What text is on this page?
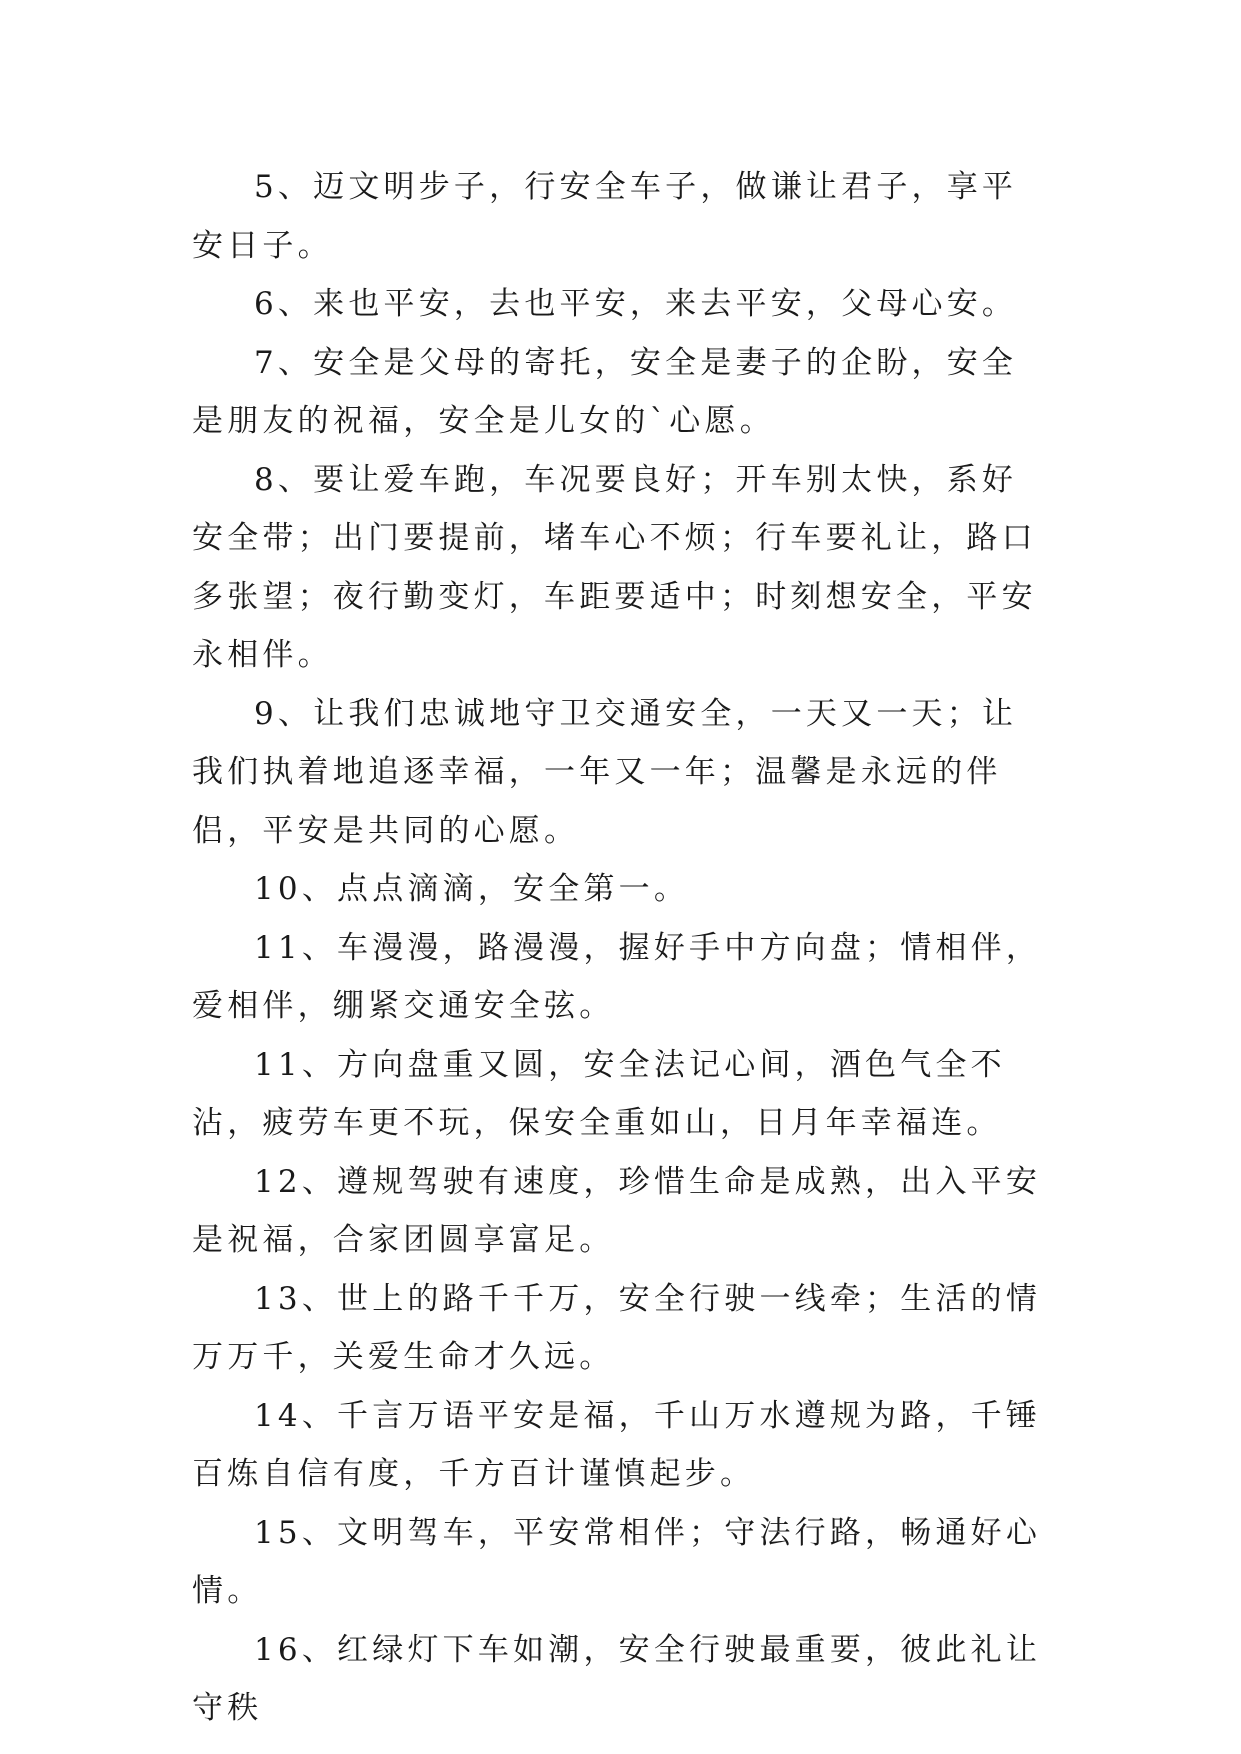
5、迈文明步子，行安全车子，做谦让君子，享平安日子。

6、来也平安，去也平安，来去平安，父母心安。

7、安全是父母的寄托，安全是妻子的企盼，安全是朋友的祝福，安全是儿女的`心愿。

8、要让爱车跑，车况要良好；开车别太快，系好安全带；出门要提前，堵车心不烦；行车要礼让，路口多张望；夜行勤变灯，车距要适中；时刻想安全，平安永相伴。

9、让我们忠诚地守卫交通安全，一天又一天；让我们执着地追逐幸福，一年又一年；温馨是永远的伴侣，平安是共同的心愿。

10、点点滴滴，安全第一。

11、车漫漫，路漫漫，握好手中方向盘；情相伴，爱相伴，绷紧交通安全弦。

11、方向盘重又圆，安全法记心间，酒色气全不沾，疲劳车更不玩，保安全重如山，日月年幸福连。

12、遵规驾驶有速度，珍惜生命是成熟，出入平安是祝福，合家团圆享富足。

13、世上的路千千万，安全行驶一线牵；生活的情万万千，关爱生命才久远。

14、千言万语平安是福，千山万水遵规为路，千锤百炼自信有度，千方百计谨慎起步。

15、文明驾车，平安常相伴；守法行路，畅通好心情。

16、红绿灯下车如潮，安全行驶最重要，彼此礼让守秩
